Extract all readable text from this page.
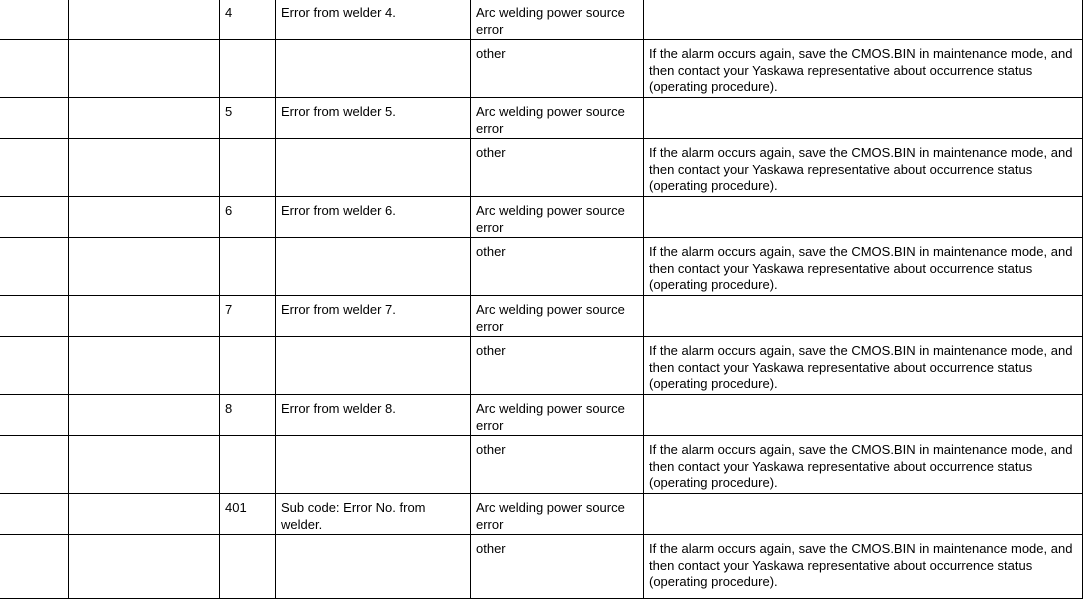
		4	Error from welder 4.	Arc welding power source error	
				other	If the alarm occurs again, save the CMOS.BIN in maintenance mode, and then contact your Yaskawa representative about occurrence status (operating procedure).
		5	Error from welder 5.	Arc welding power source error	
				other	If the alarm occurs again, save the CMOS.BIN in maintenance mode, and then contact your Yaskawa representative about occurrence status (operating procedure).
		6	Error from welder 6.	Arc welding power source error	
				other	If the alarm occurs again, save the CMOS.BIN in maintenance mode, and then contact your Yaskawa representative about occurrence status (operating procedure).
		7	Error from welder 7.	Arc welding power source error	
				other	If the alarm occurs again, save the CMOS.BIN in maintenance mode, and then contact your Yaskawa representative about occurrence status (operating procedure).
		8	Error from welder 8.	Arc welding power source error	
				other	If the alarm occurs again, save the CMOS.BIN in maintenance mode, and then contact your Yaskawa representative about occurrence status (operating procedure).
		401	Sub code: Error No. from welder.	Arc welding power source error	
				other	If the alarm occurs again, save the CMOS.BIN in maintenance mode, and then contact your Yaskawa representative about occurrence status (operating procedure).
